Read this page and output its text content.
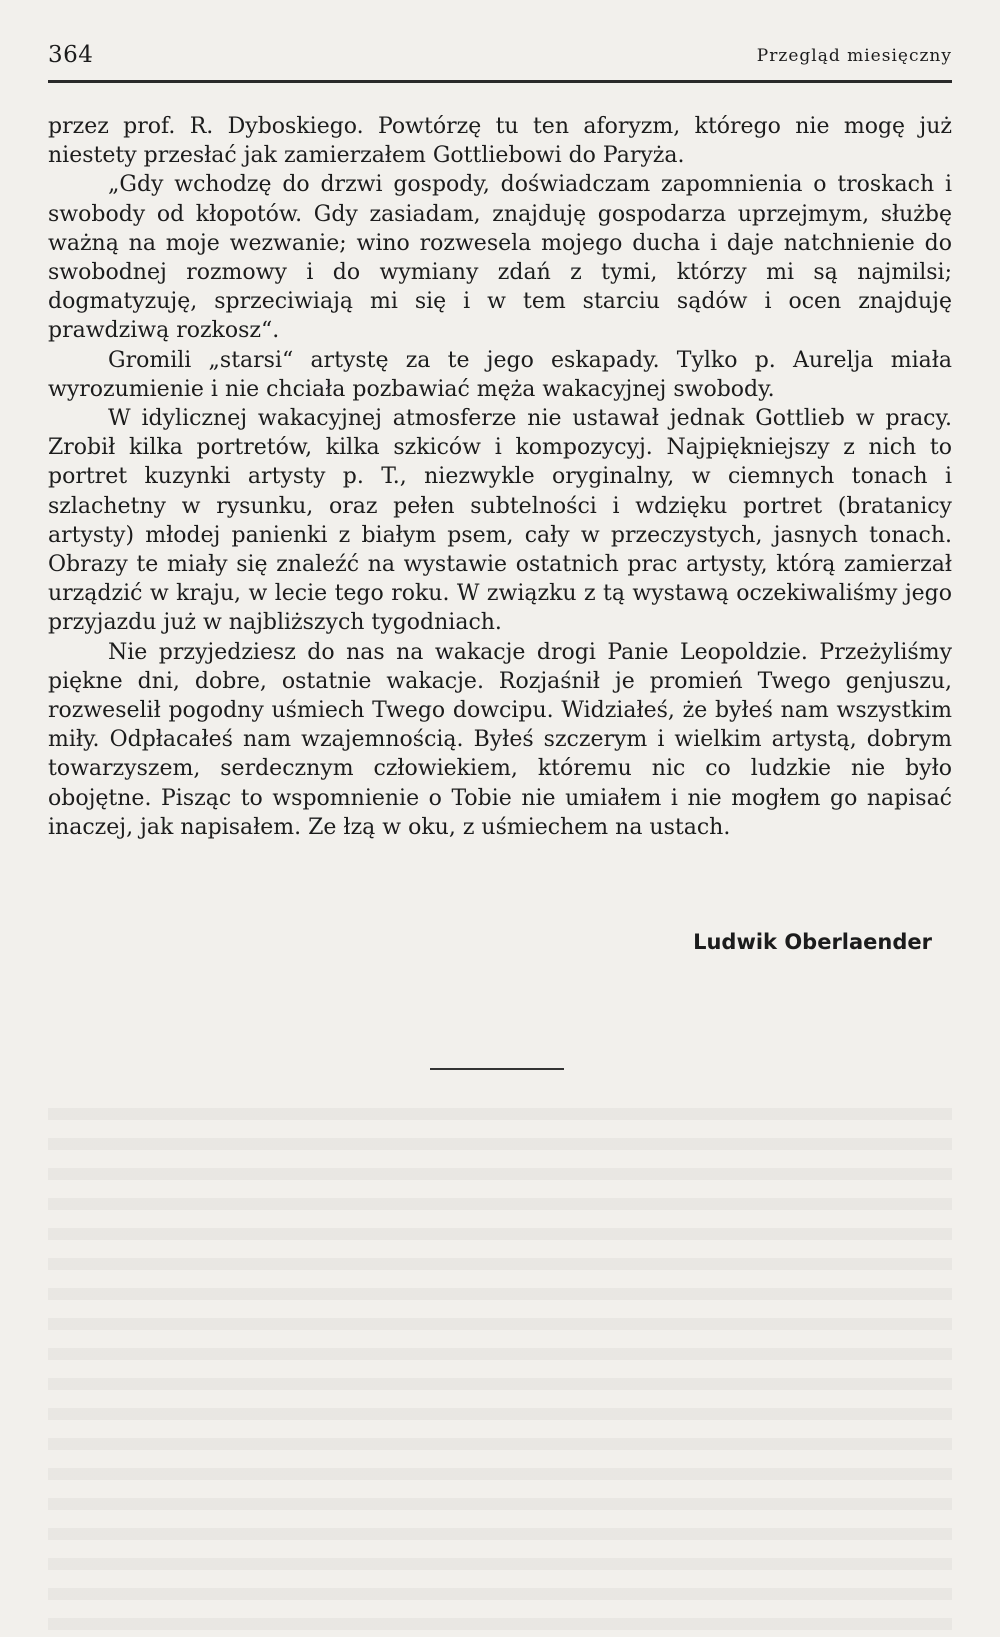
364	Przegląd miesięczny

przez prof. R. Dyboskiego. Powtórzę tu ten aforyzm, którego nie mogę już niestety przesłać jak zamierzałem Gottliebowi do Paryża.

„Gdy wchodzę do drzwi gospody, doświadczam zapomnienia o troskach i swobody od kłopotów. Gdy zasiadam, znajduję gospodarza uprzejmym, służbę ważną na moje wezwanie; wino rozwesela mojego ducha i daje natchnienie do swobodnej rozmowy i do wymiany zdań z tymi, którzy mi są najmilsi; dogmatyzuję, sprzeciwiają mi się i w tem starciu sądów i ocen znajduję prawdziwą rozkosz“.

Gromili „starsi“ artystę za te jego eskapady. Tylko p. Aurelja miała wyrozumienie i nie chciała pozbawiać męża wakacyjnej swobody.

W idylicznej wakacyjnej atmosferze nie ustawał jednak Gottlieb w pracy. Zrobił kilka portretów, kilka szkiców i kompozycyj. Najpiękniejszy z nich to portret kuzynki artysty p. T., niezwykle oryginalny, w ciemnych tonach i szlachetny w rysunku, oraz pełen subtelności i wdzięku portret (bratanicy artysty) młodej panienki z białym psem, cały w przeczystych, jasnych tonach. Obrazy te miały się znaleźć na wystawie ostatnich prac artysty, którą zamierzał urządzić w kraju, w lecie tego roku. W związku z tą wystawą oczekiwaliśmy jego przyjazdu już w najbliższych tygodniach.

Nie przyjedziesz do nas na wakacje drogi Panie Leopoldzie. Przeżyliśmy piękne dni, dobre, ostatnie wakacje. Rozjaśnił je promień Twego genjuszu, rozweselił pogodny uśmiech Twego dowcipu. Widziałeś, że byłeś nam wszystkim miły. Odpłacałeś nam wzajemnością. Byłeś szczerym i wielkim artystą, dobrym towarzyszem, serdecznym człowiekiem, któremu nic co ludzkie nie było obojętne. Pisząc to wspomnienie o Tobie nie umiałem i nie mogłem go napisać inaczej, jak napisałem. Ze łzą w oku, z uśmiechem na ustach.

Ludwik Oberlaender
